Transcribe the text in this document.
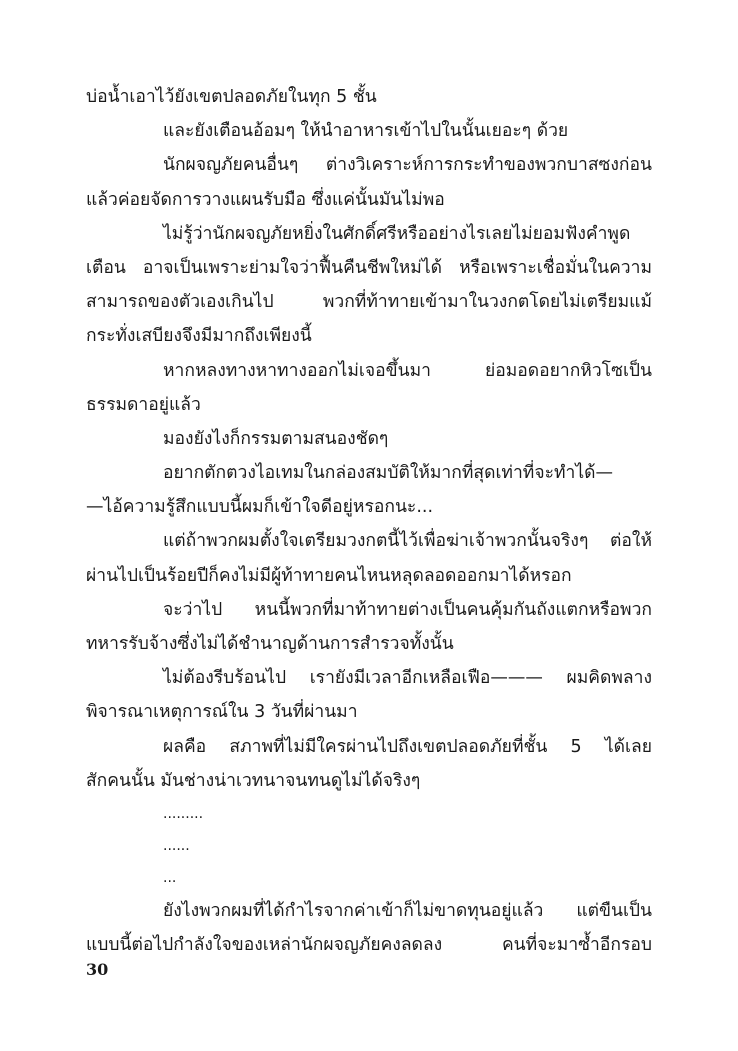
บ่อน้ำเอาไว้ยังเขตปลอดภัยในทุก 5 ชั้น
และยังเตือนอ้อมๆ ให้นำอาหารเข้าไปในนั้นเยอะๆ ด้วย
นักผจญภัยคนอื่นๆ ต่างวิเคราะห์การกระทำของพวกบาสซงก่อน
แล้วค่อยจัดการวางแผนรับมือ ซึ่งแค่นั้นมันไม่พอ
ไม่รู้ว่านักผจญภัยหยิ่งในศักดิ์ศรีหรืออย่างไรเลยไม่ยอมฟังคำพูด
เตือน อาจเป็นเพราะย่ามใจว่าฟื้นคืนชีพใหม่ได้ หรือเพราะเชื่อมั่นในความ
สามารถของตัวเองเกินไป พวกที่ท้าทายเข้ามาในวงกตโดยไม่เตรียมแม้
กระทั่งเสบียงจึงมีมากถึงเพียงนี้
หากหลงทางหาทางออกไม่เจอขึ้นมา ย่อมอดอยากหิวโซเป็น
ธรรมดาอยู่แล้ว
มองยังไงก็กรรมตามสนองชัดๆ
อยากตักตวงไอเทมในกล่องสมบัติให้มากที่สุดเท่าที่จะทำได้—
—ไอ้ความรู้สึกแบบนี้ผมก็เข้าใจดีอยู่หรอกนะ...
แต่ถ้าพวกผมตั้งใจเตรียมวงกตนี้ไว้เพื่อฆ่าเจ้าพวกนั้นจริงๆ ต่อให้
ผ่านไปเป็นร้อยปีก็คงไม่มีผู้ท้าทายคนไหนหลุดลอดออกมาได้หรอก
จะว่าไป หนนี้พวกที่มาท้าทายต่างเป็นคนคุ้มกันถังแตกหรือพวก
ทหารรับจ้างซึ่งไม่ได้ชำนาญด้านการสำรวจทั้งนั้น
ไม่ต้องรีบร้อนไป เรายังมีเวลาอีกเหลือเฟือ——— ผมคิดพลาง
พิจารณาเหตุการณ์ใน 3 วันที่ผ่านมา
ผลคือ สภาพที่ไม่มีใครผ่านไปถึงเขตปลอดภัยที่ชั้น 5 ได้เลย
สักคนนั้น มันช่างน่าเวทนาจนทนดูไม่ได้จริงๆ
.........
......
...
ยังไงพวกผมที่ได้กำไรจากค่าเข้าก็ไม่ขาดทุนอยู่แล้ว แต่ขืนเป็น
แบบนี้ต่อไปกำลังใจของเหล่านักผจญภัยคงลดลง คนที่จะมาซ้ำอีกรอบ
30
